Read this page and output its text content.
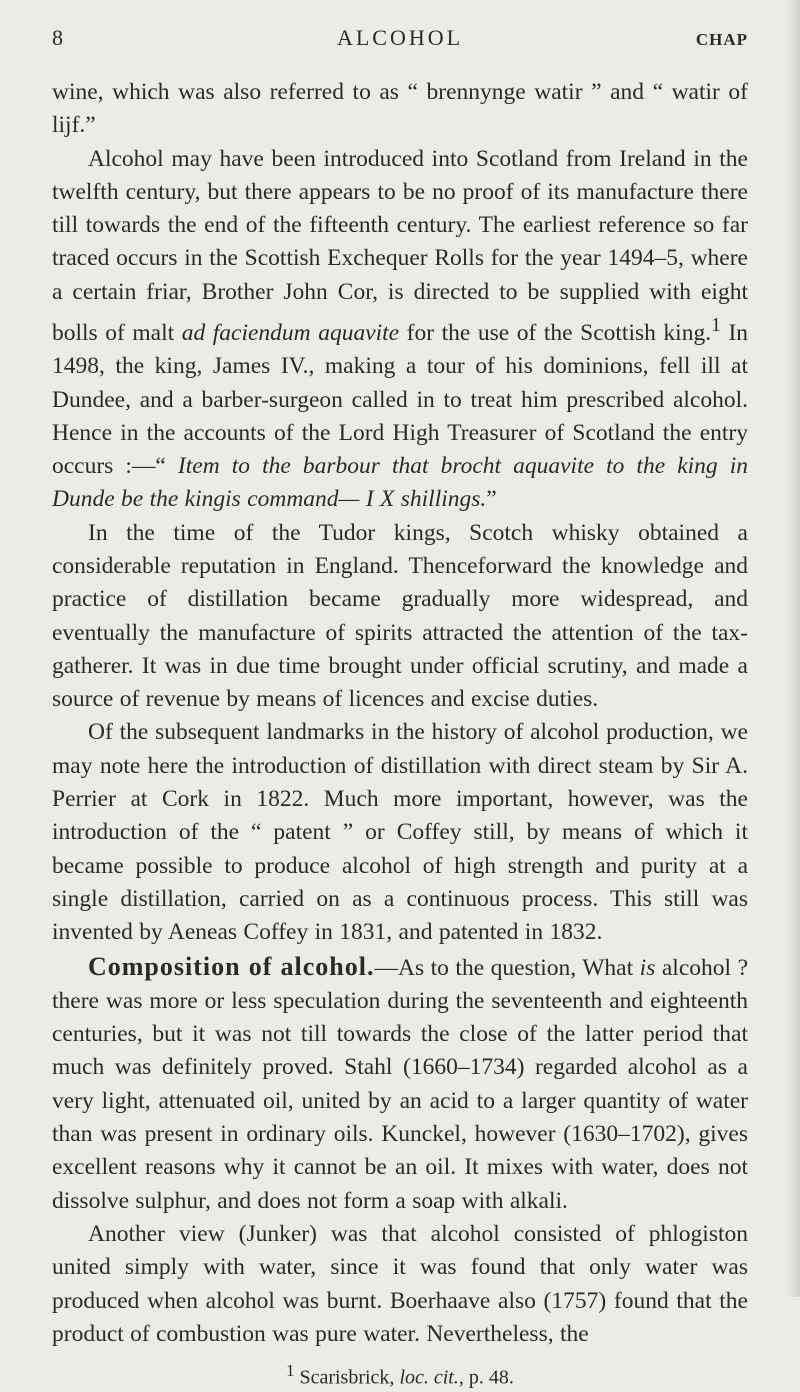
8	ALCOHOL	CHAP

wine, which was also referred to as “ brennynge watir ” and “ watir of lijf.”

Alcohol may have been introduced into Scotland from Ireland in the twelfth century, but there appears to be no proof of its manufacture there till towards the end of the fifteenth century. The earliest reference so far traced occurs in the Scottish Exchequer Rolls for the year 1494–5, where a certain friar, Brother John Cor, is directed to be supplied with eight bolls of malt ad faciendum aquavite for the use of the Scottish king.$^1$ In 1498, the king, James IV., making a tour of his dominions, fell ill at Dundee, and a barber-surgeon called in to treat him prescribed alcohol. Hence in the accounts of the Lord High Treasurer of Scotland the entry occurs :—“ Item to the barbour that brocht aquavite to the king in Dunde be the kingis command— I X shillings.”

In the time of the Tudor kings, Scotch whisky obtained a considerable reputation in England. Thenceforward the knowledge and practice of distillation became gradually more widespread, and eventually the manufacture of spirits attracted the attention of the tax-gatherer. It was in due time brought under official scrutiny, and made a source of revenue by means of licences and excise duties.

Of the subsequent landmarks in the history of alcohol production, we may note here the introduction of distillation with direct steam by Sir A. Perrier at Cork in 1822. Much more important, however, was the introduction of the “ patent ” or Coffey still, by means of which it became possible to produce alcohol of high strength and purity at a single distillation, carried on as a continuous process. This still was invented by Aeneas Coffey in 1831, and patented in 1832.

Composition of alcohol.—As to the question, What is alcohol ? there was more or less speculation during the seventeenth and eighteenth centuries, but it was not till towards the close of the latter period that much was definitely proved. Stahl (1660–1734) regarded alcohol as a very light, attenuated oil, united by an acid to a larger quantity of water than was present in ordinary oils. Kunckel, however (1630–1702), gives excellent reasons why it cannot be an oil. It mixes with water, does not dissolve sulphur, and does not form a soap with alkali.

Another view (Junker) was that alcohol consisted of phlogiston united simply with water, since it was found that only water was produced when alcohol was burnt. Boerhaave also (1757) found that the product of combustion was pure water. Nevertheless, the

$^1$ Scarisbrick, loc. cit., p. 48.
